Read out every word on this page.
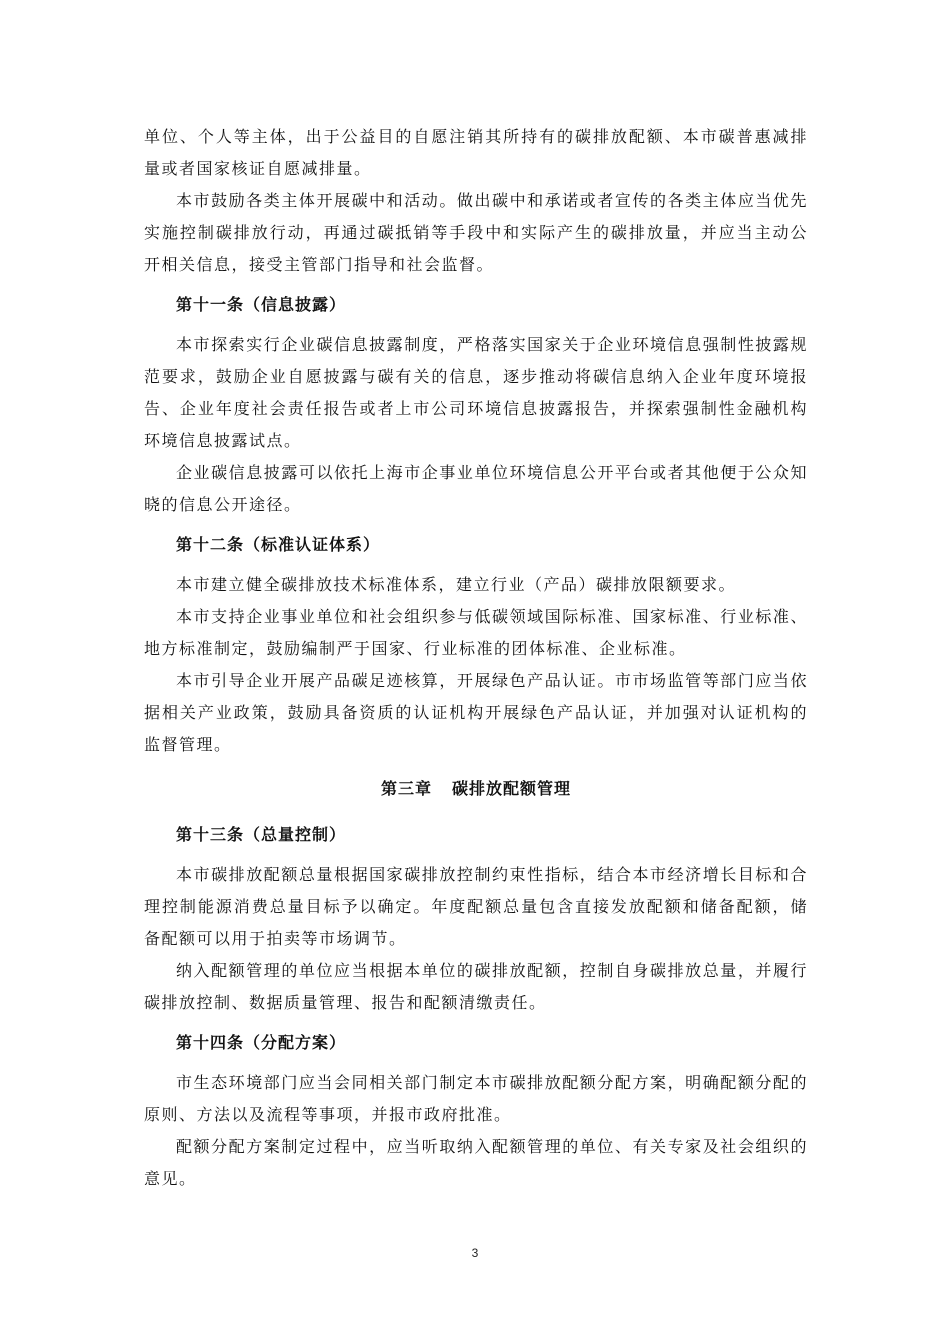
单位、个人等主体，出于公益目的自愿注销其所持有的碳排放配额、本市碳普惠减排量或者国家核证自愿减排量。

本市鼓励各类主体开展碳中和活动。做出碳中和承诺或者宣传的各类主体应当优先实施控制碳排放行动，再通过碳抵销等手段中和实际产生的碳排放量，并应当主动公开相关信息，接受主管部门指导和社会监督。

第十一条（信息披露）

本市探索实行企业碳信息披露制度，严格落实国家关于企业环境信息强制性披露规范要求，鼓励企业自愿披露与碳有关的信息，逐步推动将碳信息纳入企业年度环境报告、企业年度社会责任报告或者上市公司环境信息披露报告，并探索强制性金融机构环境信息披露试点。

企业碳信息披露可以依托上海市企事业单位环境信息公开平台或者其他便于公众知晓的信息公开途径。

第十二条（标准认证体系）

本市建立健全碳排放技术标准体系，建立行业（产品）碳排放限额要求。

本市支持企业事业单位和社会组织参与低碳领域国际标准、国家标准、行业标准、地方标准制定，鼓励编制严于国家、行业标准的团体标准、企业标准。

本市引导企业开展产品碳足迹核算，开展绿色产品认证。市市场监管等部门应当依据相关产业政策，鼓励具备资质的认证机构开展绿色产品认证，并加强对认证机构的监督管理。

第三章 碳排放配额管理
第十三条（总量控制）

本市碳排放配额总量根据国家碳排放控制约束性指标，结合本市经济增长目标和合理控制能源消费总量目标予以确定。年度配额总量包含直接发放配额和储备配额，储备配额可以用于拍卖等市场调节。

纳入配额管理的单位应当根据本单位的碳排放配额，控制自身碳排放总量，并履行碳排放控制、数据质量管理、报告和配额清缴责任。

第十四条（分配方案）

市生态环境部门应当会同相关部门制定本市碳排放配额分配方案，明确配额分配的原则、方法以及流程等事项，并报市政府批准。

配额分配方案制定过程中，应当听取纳入配额管理的单位、有关专家及社会组织的意见。

3
